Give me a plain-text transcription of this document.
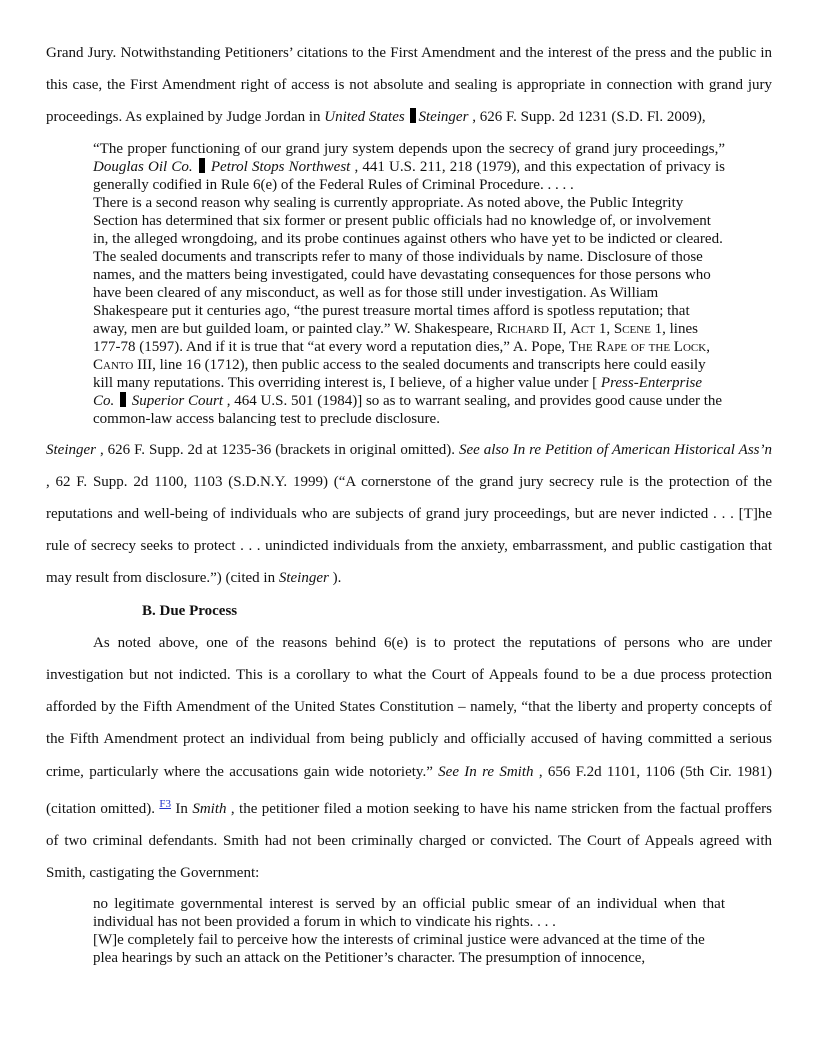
Grand Jury. Notwithstanding Petitioners’ citations to the First Amendment and the interest of the press and the public in this case, the First Amendment right of access is not absolute and sealing is appropriate in connection with grand jury proceedings. As explained by Judge Jordan in United States Steinger , 626 F. Supp. 2d 1231 (S.D. Fl. 2009),

“The proper functioning of our grand jury system depends upon the secrecy of grand jury proceedings,” Douglas Oil Co. Petrol Stops Northwest , 441 U.S. 211, 218 (1979), and this expectation of privacy is generally codified in Rule 6(e) of the Federal Rules of Criminal Procedure. . . . .

There is a second reason why sealing is currently appropriate. As noted above, the Public Integrity Section has determined that six former or present public officials had no knowledge of, or involvement in, the alleged wrongdoing, and its probe continues against others who have yet to be indicted or cleared. The sealed documents and transcripts refer to many of those individuals by name. Disclosure of those names, and the matters being investigated, could have devastating consequences for those persons who have been cleared of any misconduct, as well as for those still under investigation. As William Shakespeare put it centuries ago, “the purest treasure mortal times afford is spotless reputation; that away, men are but guilded loam, or painted clay.” W. Shakespeare, Richard II, Act 1, Scene 1, lines 177-78 (1597). And if it is true that “at every word a reputation dies,” A. Pope, The Rape of the Lock, Canto III, line 16 (1712), then public access to the sealed documents and transcripts here could easily kill many reputations. This overriding interest is, I believe, of a higher value under [ Press-Enterprise Co. Superior Court , 464 U.S. 501 (1984)] so as to warrant sealing, and provides good cause under the common-law access balancing test to preclude disclosure.

Steinger , 626 F. Supp. 2d at 1235-36 (brackets in original omitted). See also In re Petition of American Historical Ass’n , 62 F. Supp. 2d 1100, 1103 (S.D.N.Y. 1999) (“A cornerstone of the grand jury secrecy rule is the protection of the reputations and well-being of individuals who are subjects of grand jury proceedings, but are never indicted . . . [T]he rule of secrecy seeks to protect . . . unindicted individuals from the anxiety, embarrassment, and public castigation that may result from disclosure.”) (cited in Steinger ).

B. Due Process

As noted above, one of the reasons behind 6(e) is to protect the reputations of persons who are under investigation but not indicted. This is a corollary to what the Court of Appeals found to be a due process protection afforded by the Fifth Amendment of the United States Constitution – namely, “that the liberty and property concepts of the Fifth Amendment protect an individual from being publicly and officially accused of having committed a serious crime, particularly where the accusations gain wide notoriety.” See In re Smith , 656 F.2d 1101, 1106 (5th Cir. 1981) (citation omitted). $^{F3}$ In Smith , the petitioner filed a motion seeking to have his name stricken from the factual proffers of two criminal defendants. Smith had not been criminally charged or convicted. The Court of Appeals agreed with Smith, castigating the Government:

no legitimate governmental interest is served by an official public smear of an individual when that individual has not been provided a forum in which to vindicate his rights. . . .

[W]e completely fail to perceive how the interests of criminal justice were advanced at the time of the plea hearings by such an attack on the Petitioner’s character. The presumption of innocence,
